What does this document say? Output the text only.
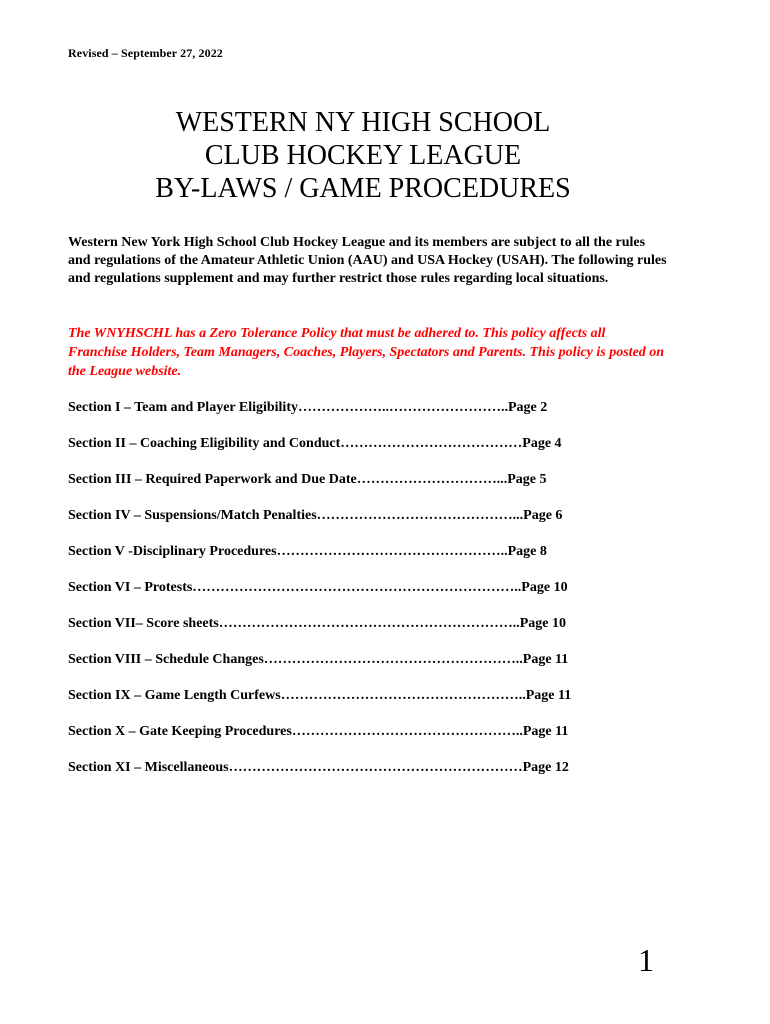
Revised – September 27, 2022
WESTERN NY HIGH SCHOOL
CLUB HOCKEY LEAGUE
BY-LAWS / GAME PROCEDURES

Western New York High School Club Hockey League and its members are subject to all the rules and regulations of the Amateur Athletic Union (AAU) and USA Hockey (USAH). The following rules and regulations supplement and may further restrict those rules regarding local situations.

The WNYHSCHL has a Zero Tolerance Policy that must be adhered to. This policy affects all Franchise Holders, Team Managers, Coaches, Players, Spectators and Parents. This policy is posted on the League website.

Section I – Team and Player Eligibility………………..……………………..Page 2
Section II – Coaching Eligibility and Conduct…………………………………Page 4
Section III – Required Paperwork and Due Date…………………………...Page 5
Section IV – Suspensions/Match Penalties……………………………………...Page 6
Section V -Disciplinary Procedures…………………………………………..Page 8
Section VI – Protests……………………………………………………………..Page 10
Section VII– Score sheets………………………………………………………..Page 10
Section VIII – Schedule Changes………………………………………………..Page 11
Section IX – Game Length Curfews……………………………………………..Page 11
Section X – Gate Keeping Procedures…………………………………………..Page 11
Section XI – Miscellaneous………………………………………………………Page 12
1
